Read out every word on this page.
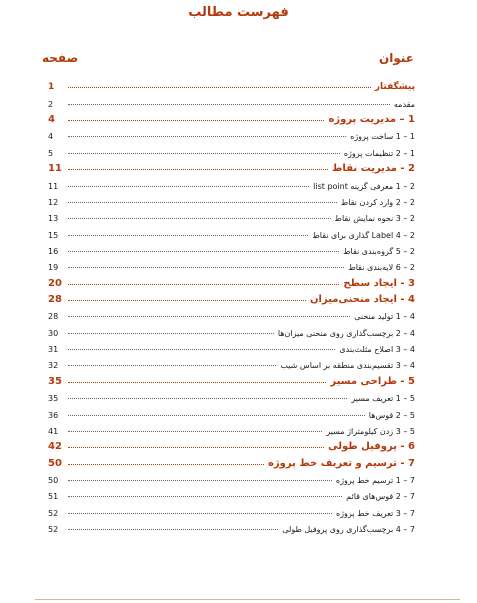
فهرست مطالب
عنوان
صفحه
پیشگفتار
1
مقدمه
2
1 – مدیریت پروژه
4
1 – 1 ساخت پروژه
4
1 – 2 تنظیمات پروژه
5
2 - مدیریت نقاط
11
2 – 1 معرفی گزینه list point
11
2 – 2 وارد کردن نقاط
12
2 – 3 نحوه نمایش نقاط
13
2 – 4 Label گذاری برای نقاط
15
2 – 5 گروه‌بندی نقاط
16
2 – 6 لایه‌بندی نقاط
19
3 - ایجاد سطح
20
4 - ایجاد منحنی‌میزان
28
4 – 1 تولید منحنی
28
4 – 2 برچسب‌گذاری روی منحنی میزان‌ها
30
4 – 3 اصلاح مثلث‌بندی
31
4 – 3 تقسیم‌بندی منطقه بر اساس شیب
32
5 - طراحی مسیر
35
5 – 1 تعریف مسیر
35
5 – 2 قوس‌ها
36
5 – 3 زدن کیلومتراژ مسیر
41
6 - پروفیل طولی
42
7 - ترسیم و تعریف خط پروژه
50
7 – 1 ترسیم خط پروژه
50
7 – 2 قوس‌های قائم
51
7 – 3 تعریف خط پروژه
52
7 – 4 برچسب‌گذاری روی پروفیل طولی
52
